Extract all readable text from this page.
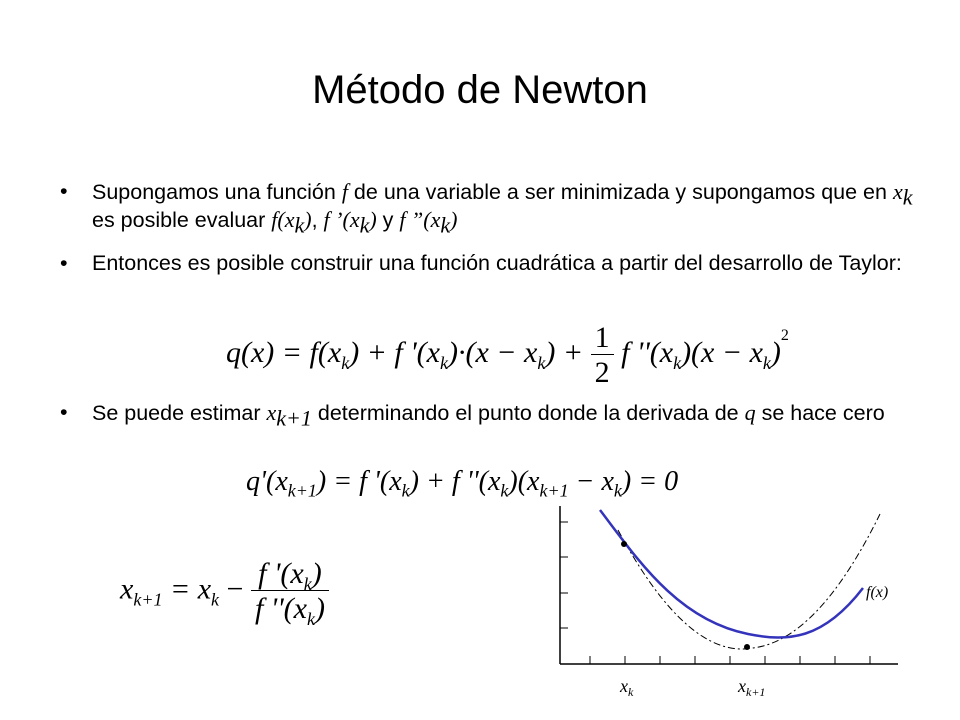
Método de Newton
• Supongamos una función f de una variable a ser minimizada y supongamos que en $x_k$ es posible evaluar $f(x_k)$, f $’(x_k)$ y f $”(x_k)$
• Entonces es posible construir una función cuadrática a partir del desarrollo de Taylor:
$q(x) = f(x_k) + f$ '$(x_k)\cdot(x - x_k) + \frac{1}{2}$ f ''$(x_k)(x - x_k)^2$
• Se puede estimar $x_{k+1}$ determinando el punto donde la derivada de q se hace cero
$q'(x_{k+1}) = f$ '$(x_k) + f$ ''$(x_k)(x_{k+1} - x_k) = 0$
$x_{k+1} = x_k - \frac{f '(x_k)}{f ''(x_k)}$	f(x)
$x_k$	$x_{k+1}$
